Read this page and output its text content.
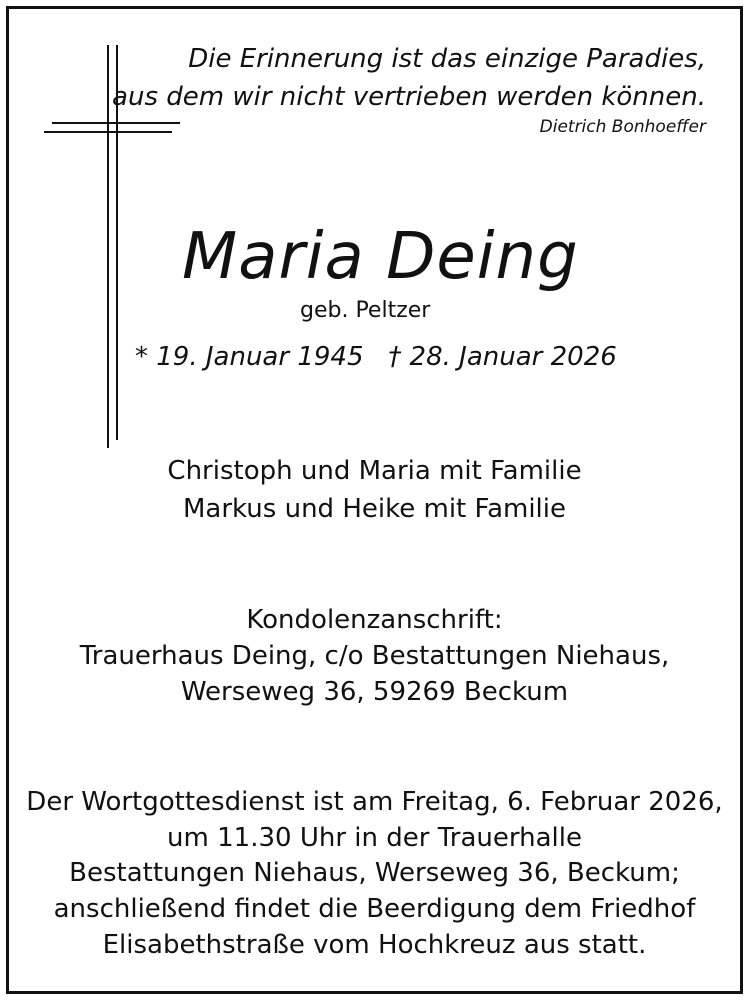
Die Erinnerung ist das einzige Paradies,
aus dem wir nicht vertrieben werden können.
Dietrich Bonhoeffer
Maria Deing
geb. Peltzer
* 19. Januar 1945   † 28. Januar 2026
Christoph und Maria mit Familie
Markus und Heike mit Familie
Kondolenzanschrift:
Trauerhaus Deing, c/o Bestattungen Niehaus,
Werseweg 36, 59269 Beckum
Der Wortgottesdienst ist am Freitag, 6. Februar 2026,
um 11.30 Uhr in der Trauerhalle
Bestattungen Niehaus, Werseweg 36, Beckum;
anschließend findet die Beerdigung dem Friedhof
Elisabethstraße vom Hochkreuz aus statt.
